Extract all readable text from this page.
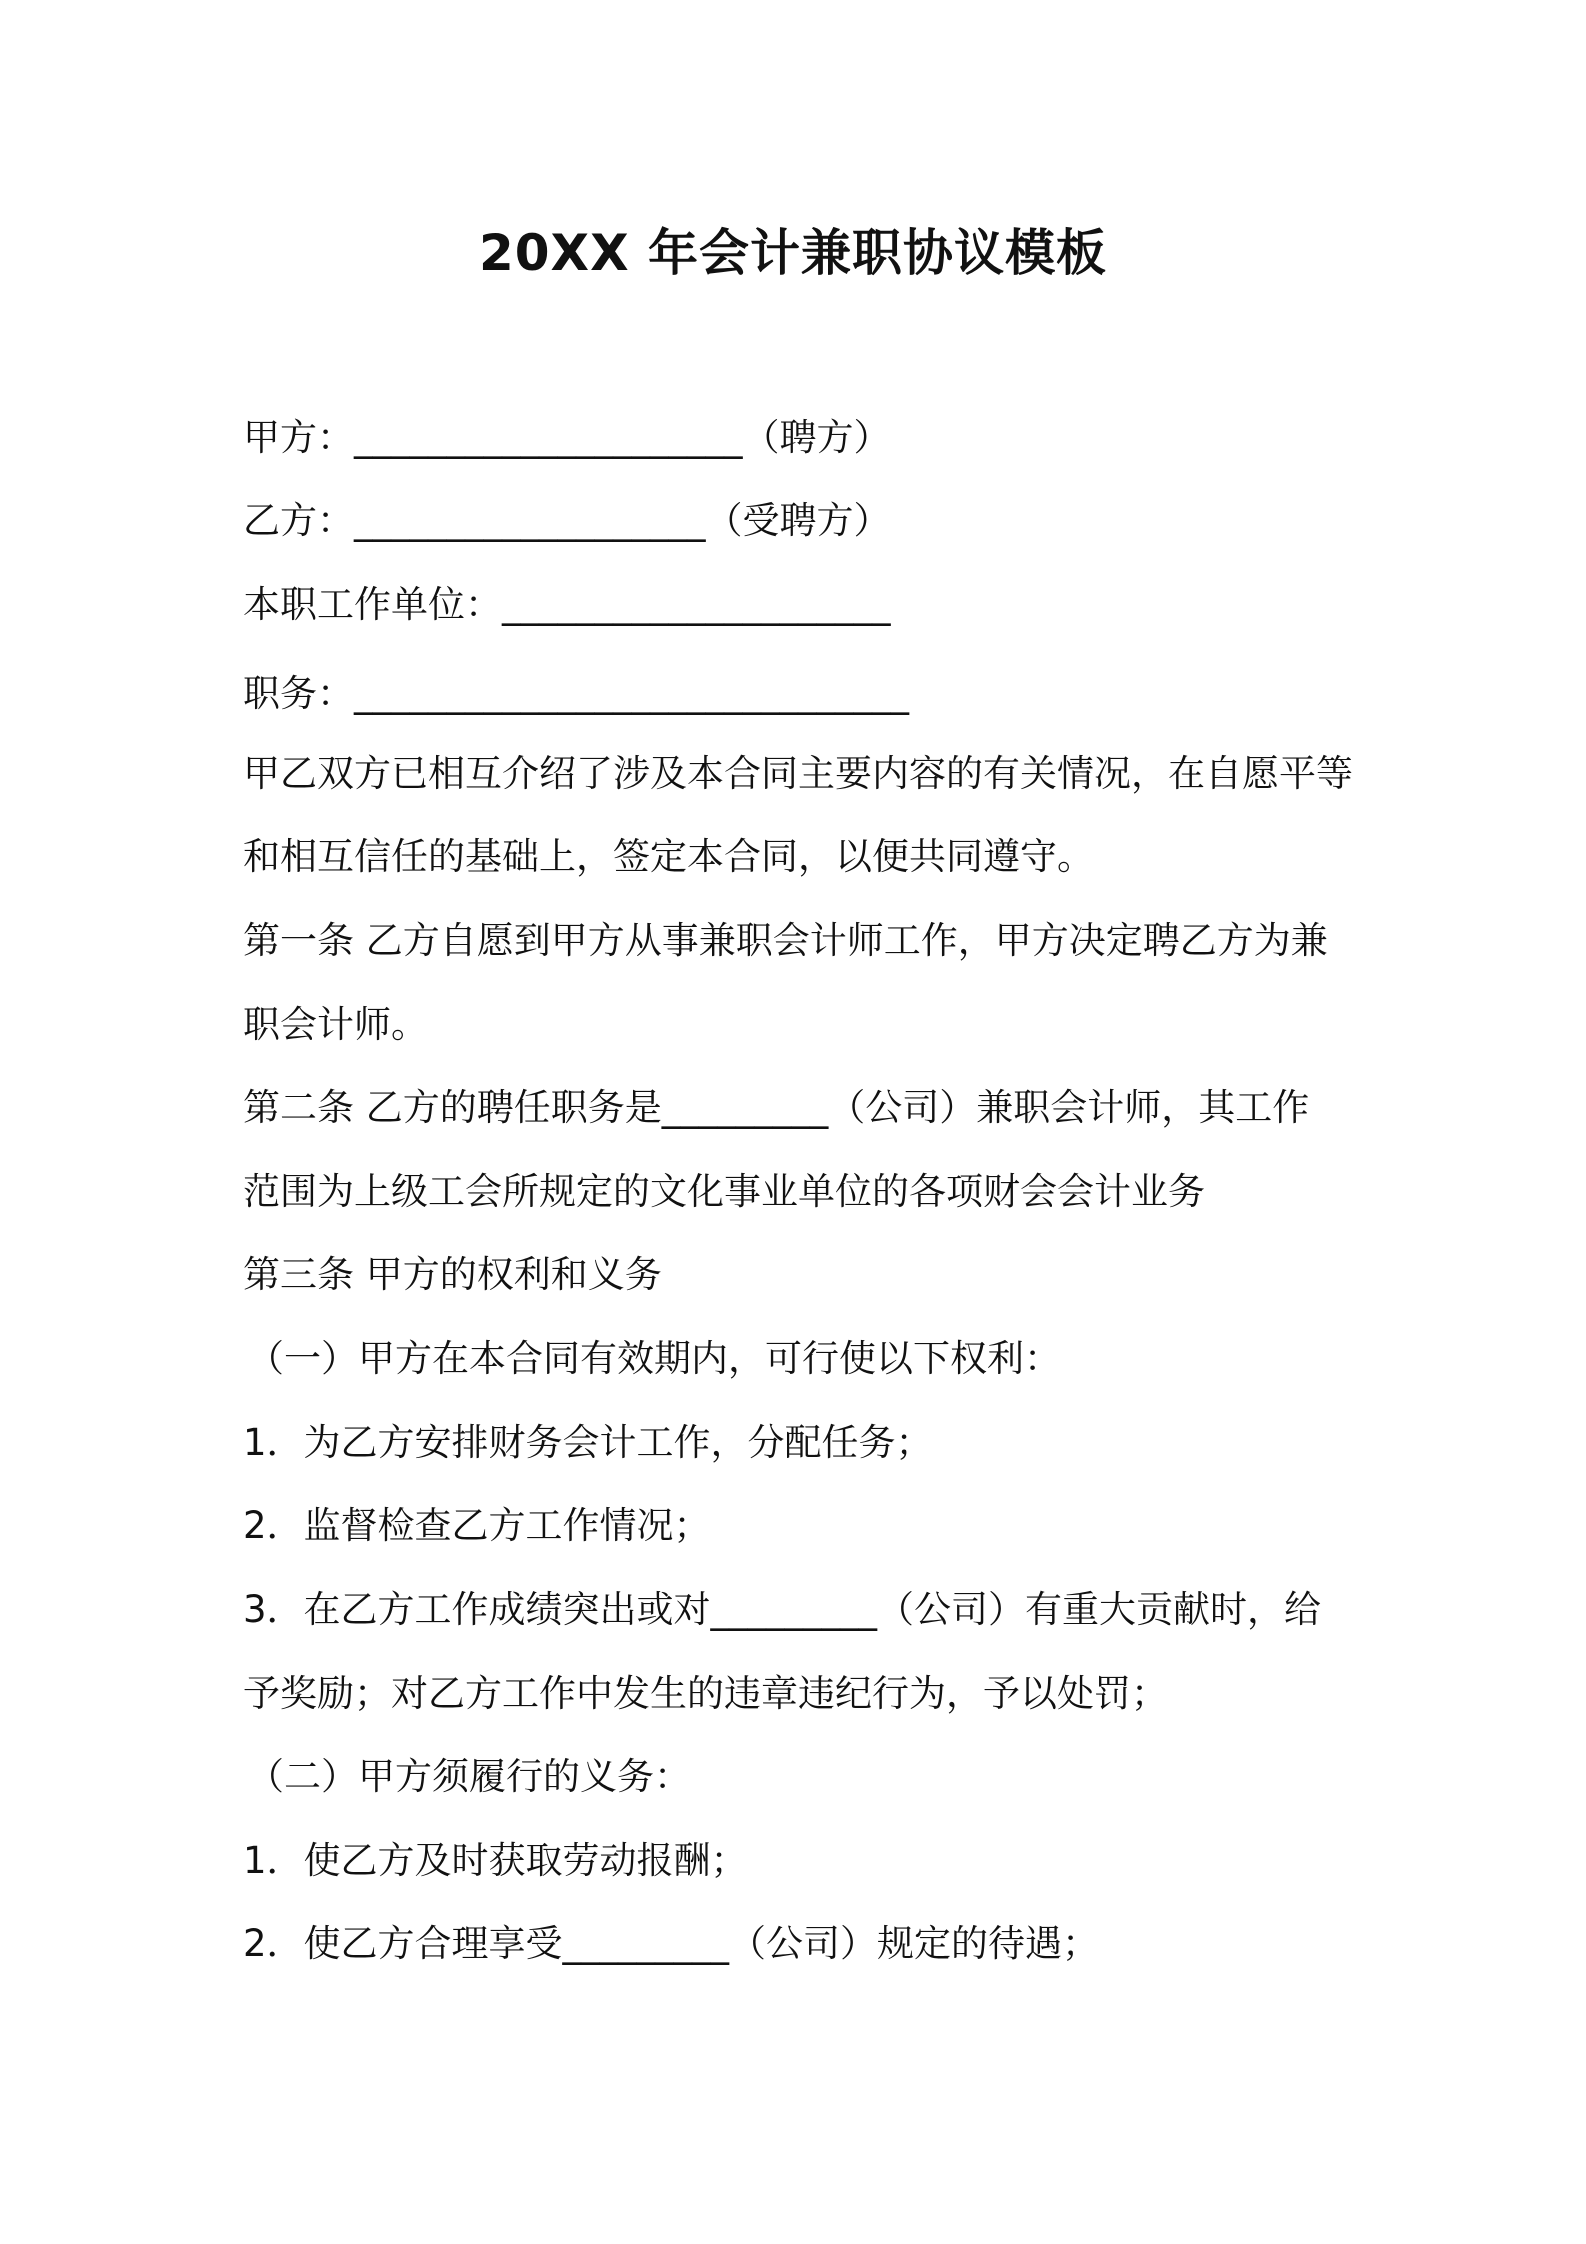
20XX 年会计兼职协议模板
甲方：_____________________（聘方）
乙方：___________________（受聘方）
本职工作单位：_____________________
职务：______________________________
甲乙双方已相互介绍了涉及本合同主要内容的有关情况，在自愿平等
和相互信任的基础上，签定本合同，以便共同遵守。
第一条 乙方自愿到甲方从事兼职会计师工作，甲方决定聘乙方为兼
职会计师。
第二条 乙方的聘任职务是_________（公司）兼职会计师，其工作
范围为上级工会所规定的文化事业单位的各项财会会计业务
第三条 甲方的权利和义务
（一）甲方在本合同有效期内，可行使以下权利：
1．为乙方安排财务会计工作，分配任务；
2．监督检查乙方工作情况；
3．在乙方工作成绩突出或对_________（公司）有重大贡献时，给
予奖励；对乙方工作中发生的违章违纪行为，予以处罚；
（二）甲方须履行的义务：
1．使乙方及时获取劳动报酬；
2．使乙方合理享受_________（公司）规定的待遇；
